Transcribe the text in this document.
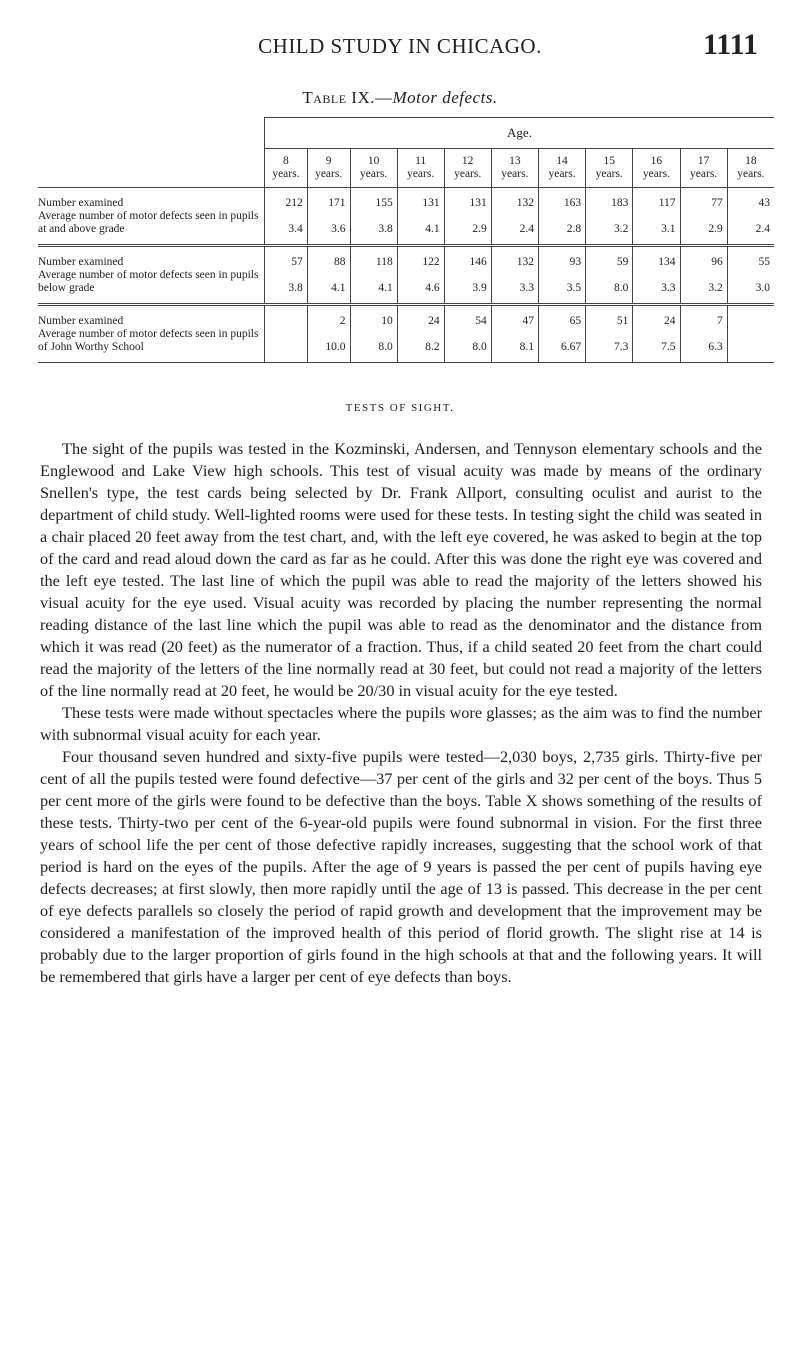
CHILD STUDY IN CHICAGO.	1111
Table IX.—Motor defects.
	Age.										
	8 years.	9 years.	10 years.	11 years.	12 years.	13 years.	14 years.	15 years.	16 years.	17 years.	18 years.
Number examined	212	171	155	131	131	132	163	183	117	77	43
Average number of motor defects seen in pupils at and above grade	3.4	3.6	3.8	4.1	2.9	2.4	2.8	3.2	3.1	2.9	2.4
Number examined	57	88	118	122	146	132	93	59	134	96	55
Average number of motor defects seen in pupils below grade	3.8	4.1	4.1	4.6	3.9	3.3	3.5	8.0	3.3	3.2	3.0
Number examined		2	10	24	54	47	65	51	24	7	
Average number of motor defects seen in pupils of John Worthy School		10.0	8.0	8.2	8.0	8.1	6.67	7.3	7.5	6.3	
TESTS OF SIGHT.

The sight of the pupils was tested in the Kozminski, Andersen, and Tennyson elementary schools and the Englewood and Lake View high schools. This test of visual acuity was made by means of the ordinary Snellen's type, the test cards being selected by Dr. Frank Allport, consulting oculist and aurist to the department of child study. Well-lighted rooms were used for these tests. In testing sight the child was seated in a chair placed 20 feet away from the test chart, and, with the left eye covered, he was asked to begin at the top of the card and read aloud down the card as far as he could. After this was done the right eye was covered and the left eye tested. The last line of which the pupil was able to read the majority of the letters showed his visual acuity for the eye used. Visual acuity was recorded by placing the number representing the normal reading distance of the last line which the pupil was able to read as the denominator and the distance from which it was read (20 feet) as the numerator of a fraction. Thus, if a child seated 20 feet from the chart could read the majority of the letters of the line normally read at 30 feet, but could not read a majority of the letters of the line normally read at 20 feet, he would be 20/30 in visual acuity for the eye tested.

These tests were made without spectacles where the pupils wore glasses; as the aim was to find the number with subnormal visual acuity for each year.

Four thousand seven hundred and sixty-five pupils were tested—2,030 boys, 2,735 girls. Thirty-five per cent of all the pupils tested were found defective—37 per cent of the girls and 32 per cent of the boys. Thus 5 per cent more of the girls were found to be defective than the boys. Table X shows something of the results of these tests. Thirty-two per cent of the 6-year-old pupils were found subnormal in vision. For the first three years of school life the per cent of those defective rapidly increases, suggesting that the school work of that period is hard on the eyes of the pupils. After the age of 9 years is passed the per cent of pupils having eye defects decreases; at first slowly, then more rapidly until the age of 13 is passed. This decrease in the per cent of eye defects parallels so closely the period of rapid growth and development that the improvement may be considered a manifestation of the improved health of this period of florid growth. The slight rise at 14 is probably due to the larger proportion of girls found in the high schools at that and the following years. It will be remembered that girls have a larger per cent of eye defects than boys.
